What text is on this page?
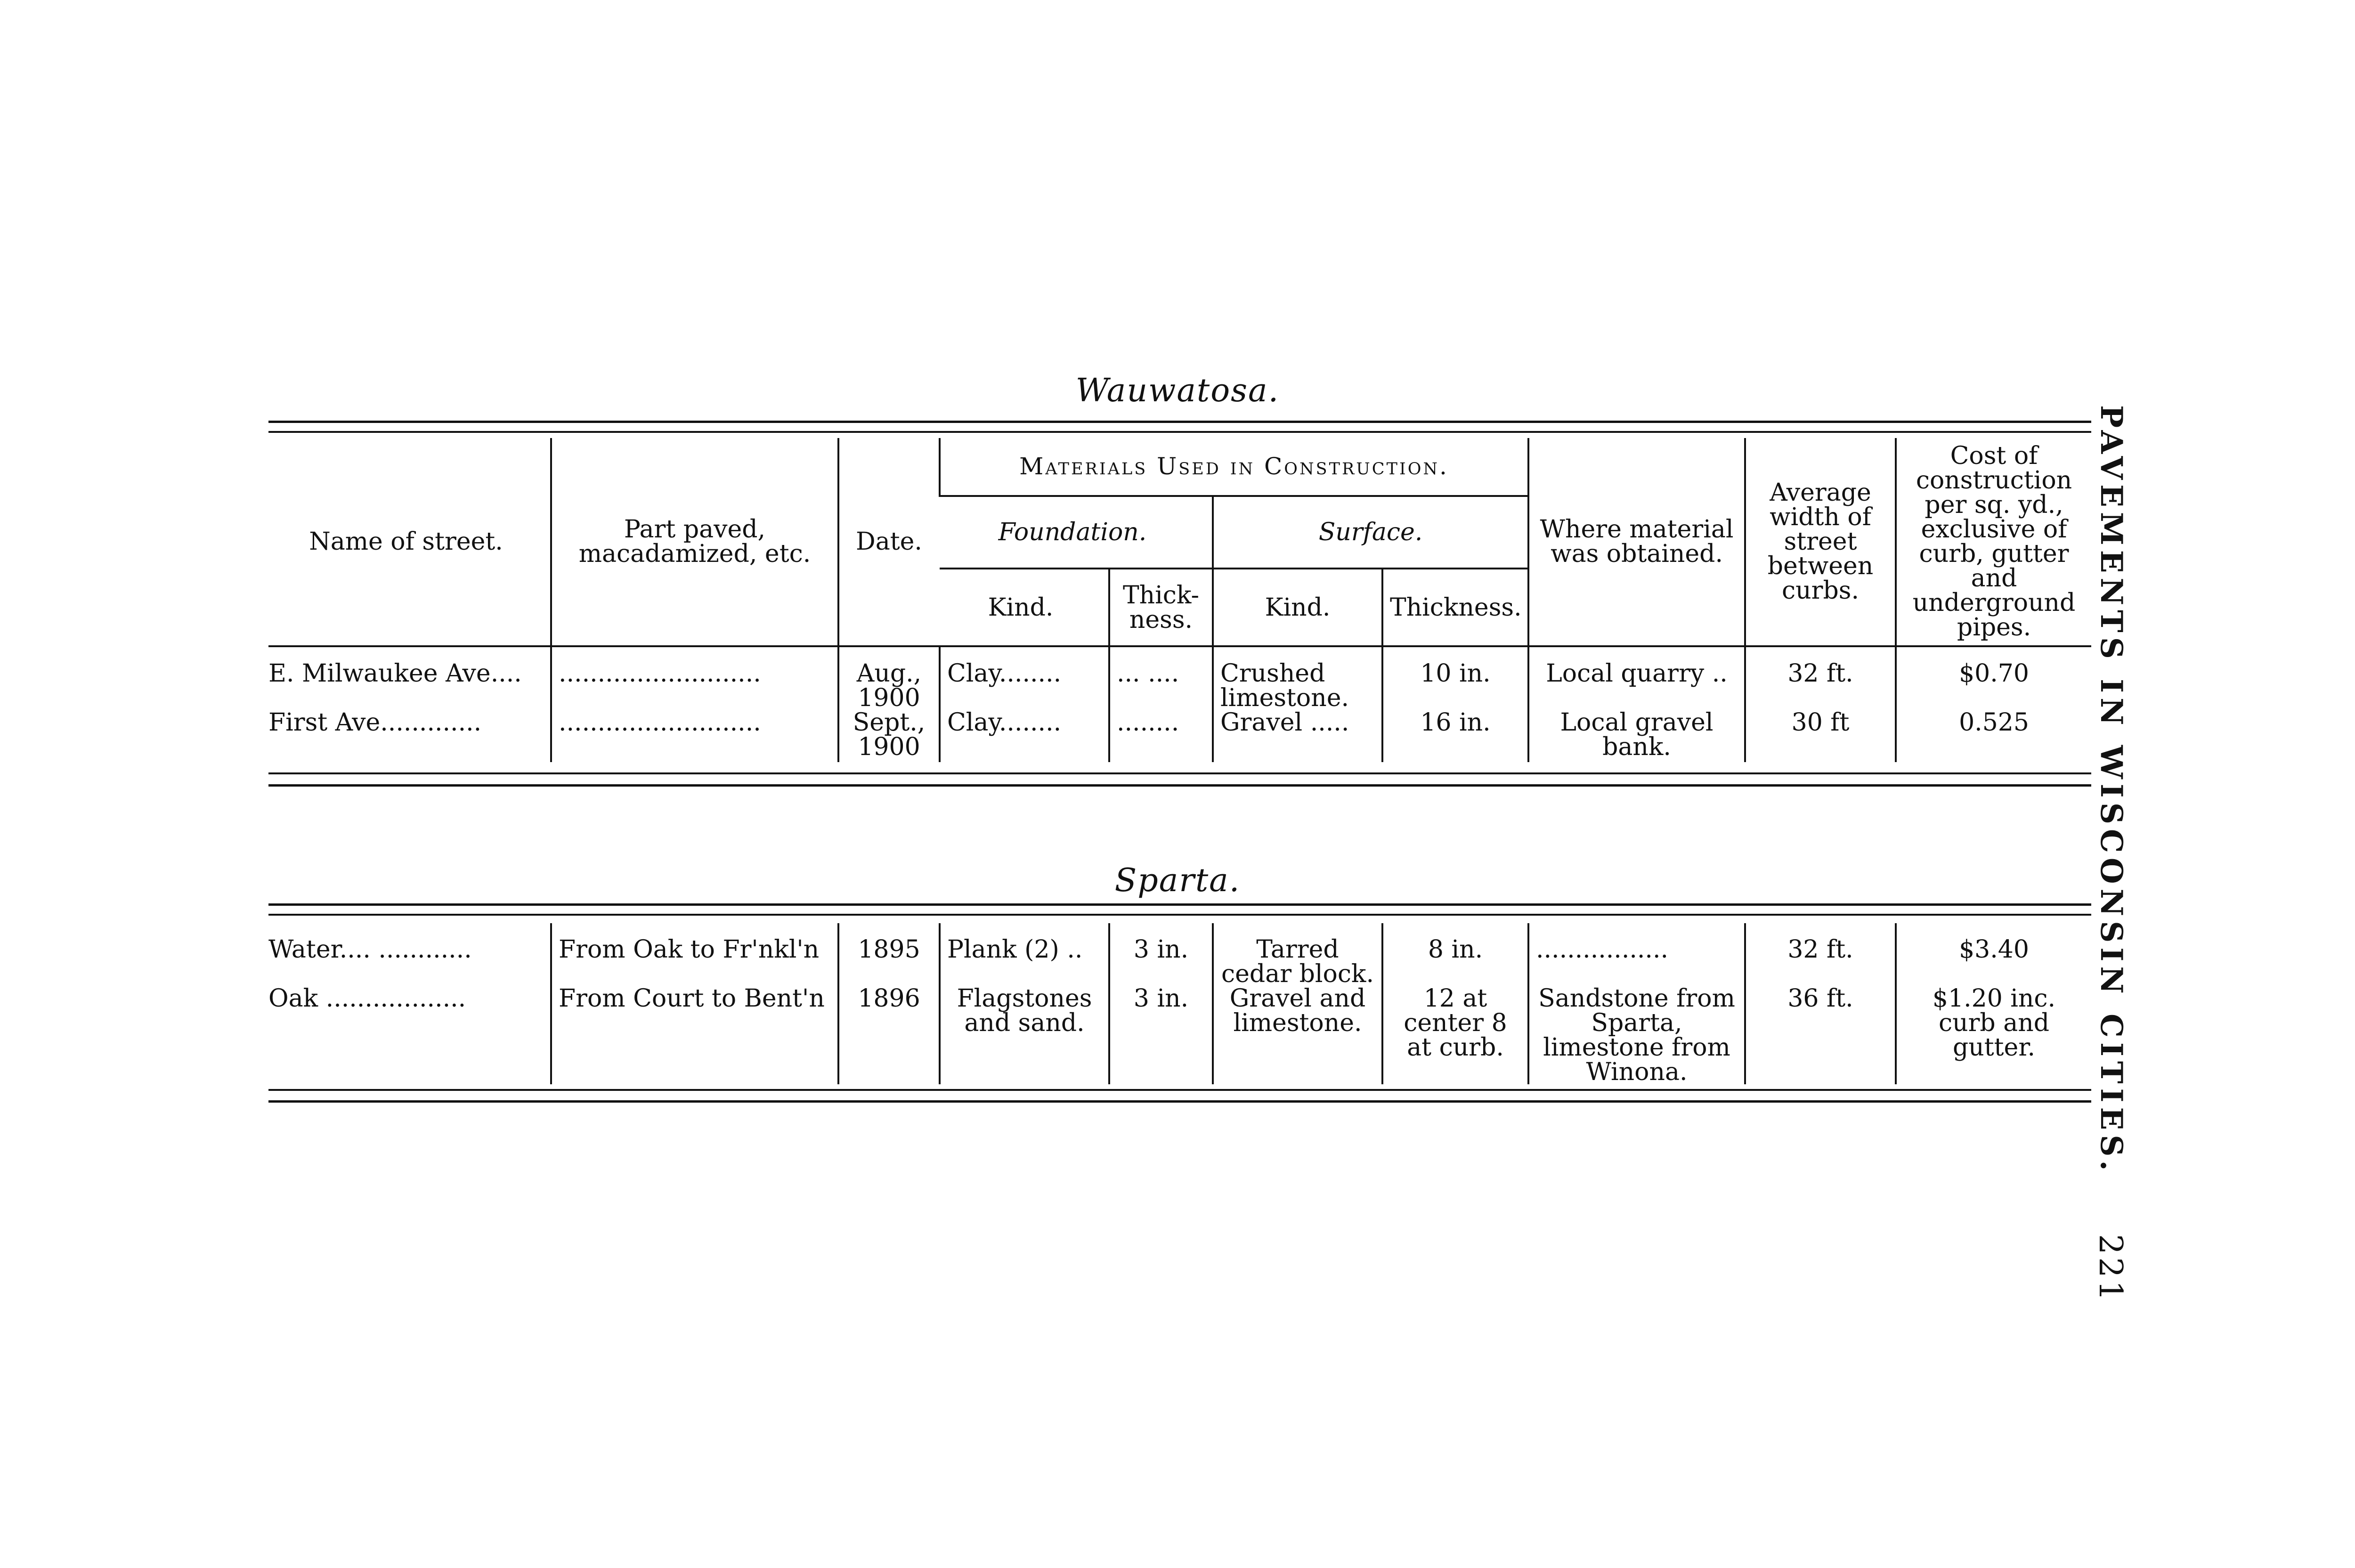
Wauwatosa.
Name of street.	Part paved, macadamized, etc.	Date.	Materials Used in Construction.				Where material was obtained.	Average width of street between curbs.	Cost of construction per sq. yd., exclusive of curb, gutter and underground pipes.
			Foundation.		Surface.				
			Kind.	Thick-ness.	Kind.	Thickness.			
E. Milwaukee Ave....	..........................	Aug., 1900	Clay........	... ....	Crushed limestone.	10 in.	Local quarry ..	32 ft.	$0.70
First Ave.............	..........................	Sept., 1900	Clay........	........	Gravel .....	16 in.	Local gravel bank.	30 ft	0.525
Sparta.
Water.... ............	From Oak to Fr'nkl'n	1895	Plank (2) ..	3 in.	Tarred cedar block.	8 in.	.................	32 ft.	$3.40
Oak ..................	From Court to Bent'n	1896	Flagstones and sand.	3 in.	Gravel and limestone.	12 at center 8 at curb.	Sandstone from Sparta, limestone from Winona.	36 ft.	$1.20 inc. curb and gutter. PAVEMENTS IN WISCONSIN CITIES.
221
